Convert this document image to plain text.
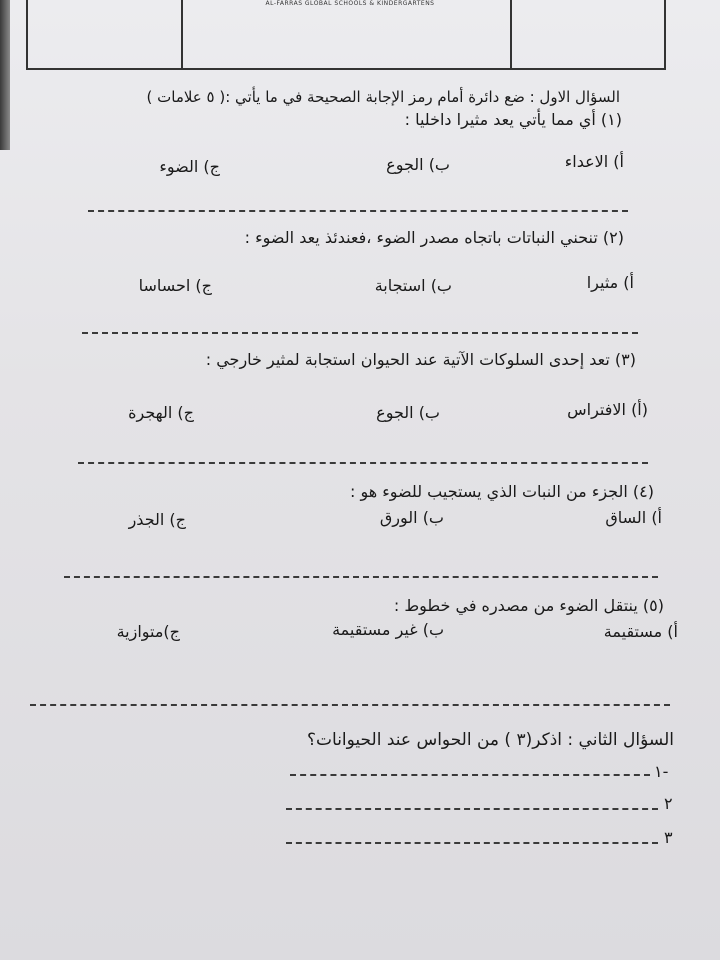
AL-FARRAS GLOBAL SCHOOLS & KINDERGARTENS
السؤال الاول : ضع دائرة أمام رمز الإجابة الصحيحة في ما يأتي :( ٥ علامات )
(١) أي مما يأتي يعد مثيرا داخليا :
أ) الاعداء
ب) الجوع
ج) الضوء
(٢) تنحني النباتات باتجاه مصدر الضوء ،فعندئذ يعد الضوء :
أ) مثيرا
ب) استجابة
ج) احساسا
(٣) تعد إحدى السلوكات الآتية عند الحيوان استجابة لمثير خارجي :
(أ) الافتراس
ب) الجوع
ج) الهجرة
(٤) الجزء من النبات الذي يستجيب للضوء هو :
أ) الساق
ب) الورق
ج) الجذر
(٥) ينتقل الضوء من مصدره في خطوط :
أ) مستقيمة
ب) غير مستقيمة
ج)متوازية
السؤال الثاني : اذكر(٣ ) من الحواس عند الحيوانات؟
١-
٢
٣
